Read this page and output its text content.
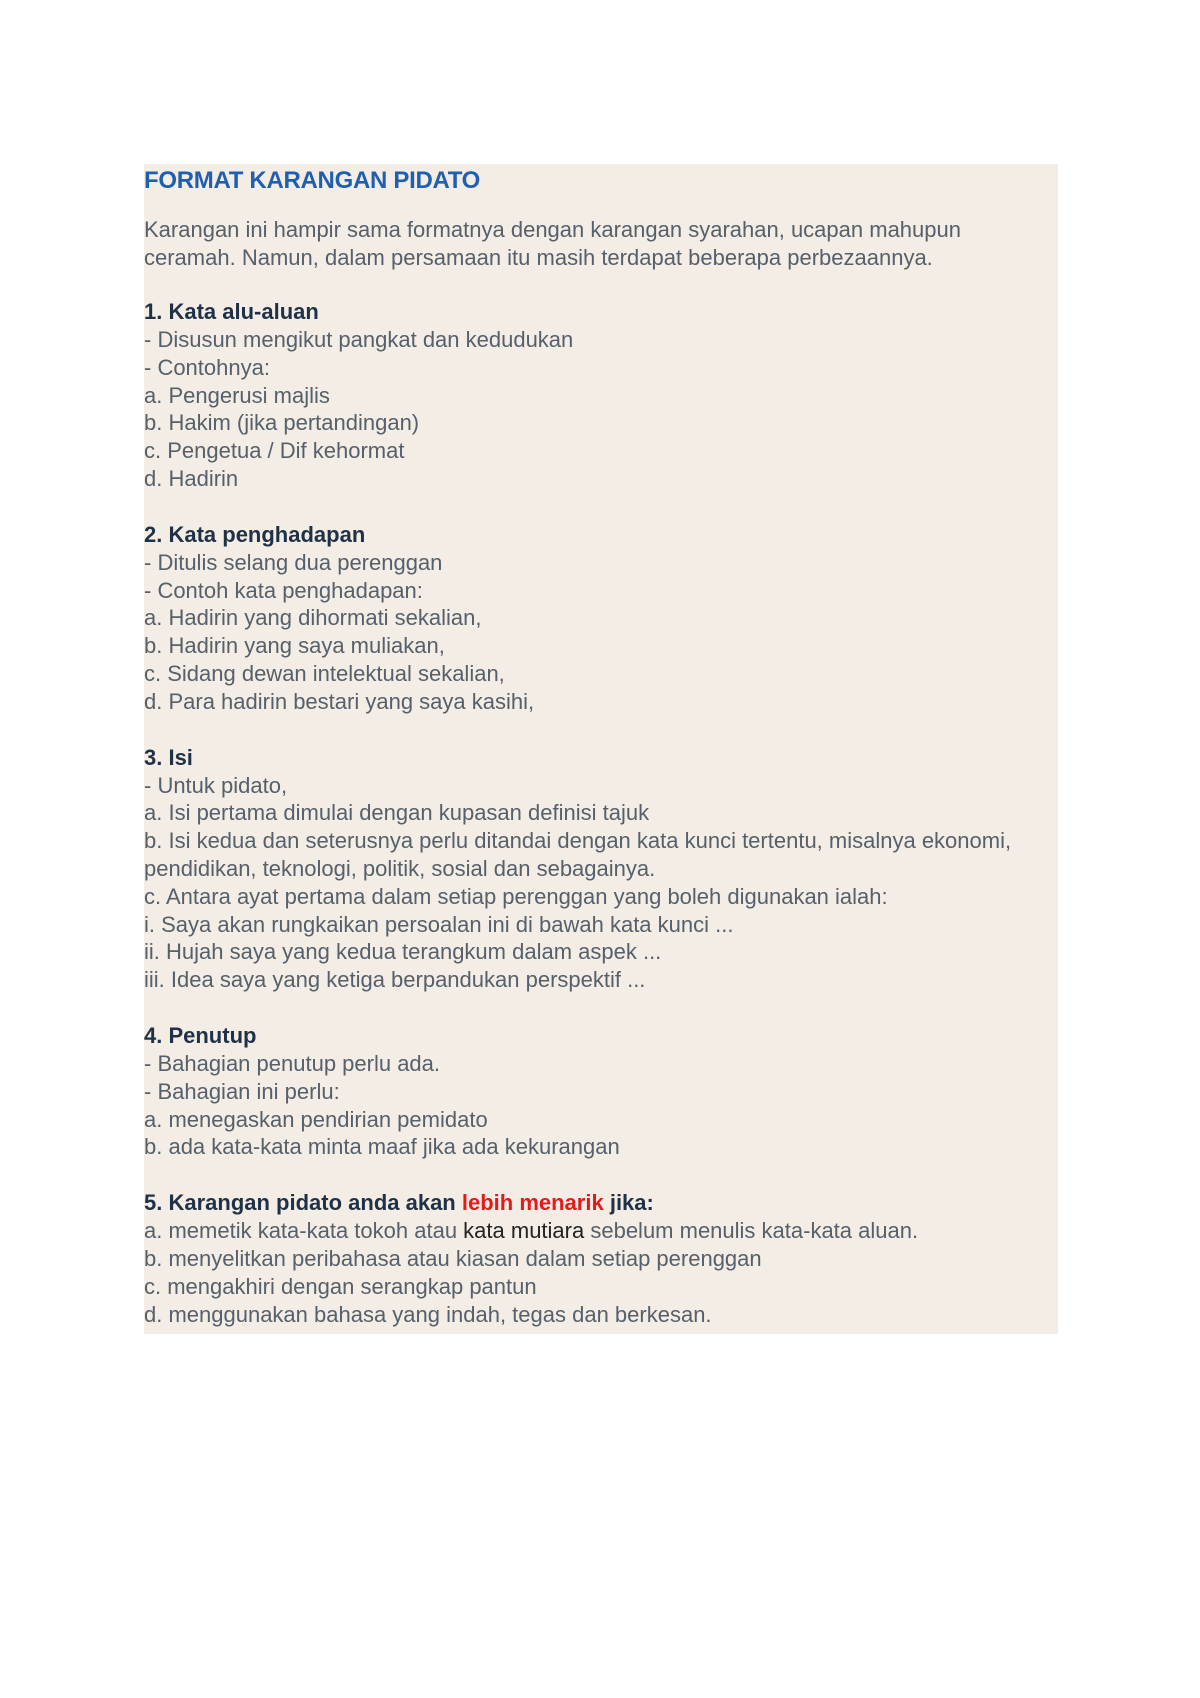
FORMAT KARANGAN PIDATO
Karangan ini hampir sama formatnya dengan karangan syarahan, ucapan mahupun ceramah. Namun, dalam persamaan itu masih terdapat beberapa perbezaannya.
1. Kata alu-aluan
- Disusun mengikut pangkat dan kedudukan
- Contohnya:
a. Pengerusi majlis
b. Hakim (jika pertandingan)
c. Pengetua / Dif kehormat
d. Hadirin
2. Kata penghadapan
- Ditulis selang dua perenggan
- Contoh kata penghadapan:
a. Hadirin yang dihormati sekalian,
b. Hadirin yang saya muliakan,
c. Sidang dewan intelektual sekalian,
d. Para hadirin bestari yang saya kasihi,
3. Isi
- Untuk pidato,
a. Isi pertama dimulai dengan kupasan definisi tajuk
b. Isi kedua dan seterusnya perlu ditandai dengan kata kunci tertentu, misalnya ekonomi, pendidikan, teknologi, politik, sosial dan sebagainya.
c. Antara ayat pertama dalam setiap perenggan yang boleh digunakan ialah:
i. Saya akan rungkaikan persoalan ini di bawah kata kunci ...
ii. Hujah saya yang kedua terangkum dalam aspek ...
iii. Idea saya yang ketiga berpandukan perspektif ...
4. Penutup
- Bahagian penutup perlu ada.
- Bahagian ini perlu:
a. menegaskan pendirian pemidato
b. ada kata-kata minta maaf jika ada kekurangan
5. Karangan pidato anda akan lebih menarik jika:
a. memetik kata-kata tokoh atau kata mutiara sebelum menulis kata-kata aluan.
b. menyelitkan peribahasa atau kiasan dalam setiap perenggan
c. mengakhiri dengan serangkap pantun
d. menggunakan bahasa yang indah, tegas dan berkesan.
